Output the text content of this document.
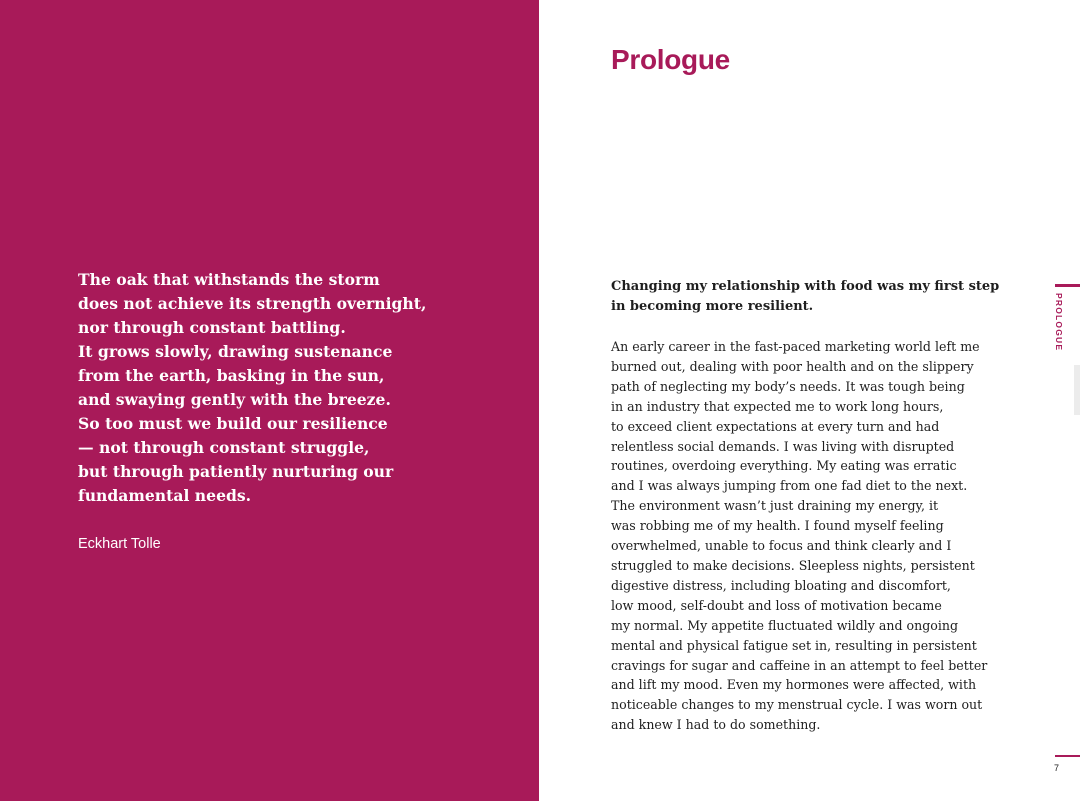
The oak that withstands the storm
does not achieve its strength overnight,
nor through constant battling.
It grows slowly, drawing sustenance
from the earth, basking in the sun,
and swaying gently with the breeze.
So too must we build our resilience
— not through constant struggle,
but through patiently nurturing our
fundamental needs.

Eckhart Tolle

Prologue

Changing my relationship with food was my first step
in becoming more resilient.

An early career in the fast-paced marketing world left me
burned out, dealing with poor health and on the slippery
path of neglecting my body’s needs. It was tough being
in an industry that expected me to work long hours,
to exceed client expectations at every turn and had
relentless social demands. I was living with disrupted
routines, overdoing everything. My eating was erratic
and I was always jumping from one fad diet to the next.
The environment wasn’t just draining my energy, it
was robbing me of my health. I found myself feeling
overwhelmed, unable to focus and think clearly and I
struggled to make decisions. Sleepless nights, persistent
digestive distress, including bloating and discomfort,
low mood, self-doubt and loss of motivation became
my normal. My appetite fluctuated wildly and ongoing
mental and physical fatigue set in, resulting in persistent
cravings for sugar and caffeine in an attempt to feel better
and lift my mood. Even my hormones were affected, with
noticeable changes to my menstrual cycle. I was worn out
and knew I had to do something.

PROLOGUE

7
